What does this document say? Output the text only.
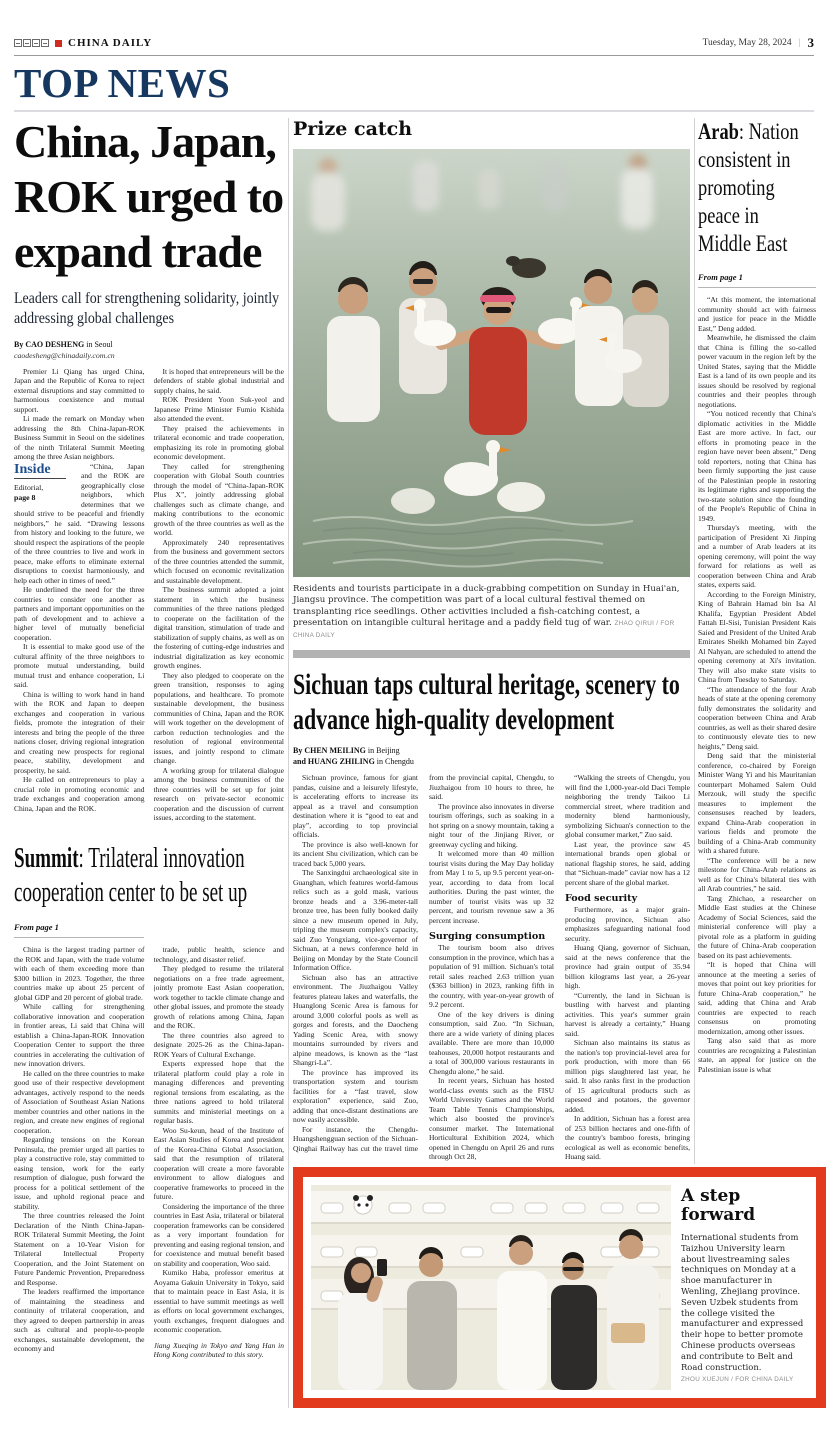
CHINA DAILY	Tuesday, May 28, 2024 | 3
TOP NEWS
China, Japan, ROK urged to expand trade
Leaders call for strengthening solidarity, jointly addressing global challenges
By CAO DESHENG in Seoul
caodesheng@chinadaily.com.cn

Premier Li Qiang has urged China, Japan and the Republic of Korea to reject external disruptions and stay committed to harmonious coexistence and mutual support.

Li made the remark on Monday when addressing the 8th China-Japan-ROK Business Summit in Seoul on the sidelines of the ninth Trilateral Summit Meeting among the three Asian neighbors.

Inside
Editorial,
page 8

“China, Japan and the ROK are geographically close neighbors, which determines that we should strive to be peaceful and friendly neighbors,” he said. “Drawing lessons from history and looking to the future, we should respect the aspirations of the people of the three countries to live and work in peace, make efforts to eliminate external disruptions to coexist harmoniously, and help each other in times of need.”

He underlined the need for the three countries to consider one another as partners and important opportunities on the path of development and to achieve a higher level of mutually beneficial cooperation.

It is essential to make good use of the cultural affinity of the three neighbors to promote mutual understanding, build mutual trust and enhance cooperation, Li said.

China is willing to work hand in hand with the ROK and Japan to deepen exchanges and cooperation in various fields, promote the integration of their interests and bring the people of the three nations closer, driving regional integration and creating new prospects for regional peace, stability, development and prosperity, he said.

He called on entrepreneurs to play a crucial role in promoting economic and trade exchanges and cooperation among China, Japan and the ROK.

It is hoped that entrepreneurs will be the defenders of stable global industrial and supply chains, he said.

ROK President Yoon Suk-yeol and Japanese Prime Minister Fumio Kishida also attended the event.

They praised the achievements in trilateral economic and trade cooperation, emphasizing its role in promoting global economic development.

They called for strengthening cooperation with Global South countries through the model of “China-Japan-ROK Plus X”, jointly addressing global challenges such as climate change, and making contributions to the economic growth of the three countries as well as the world.

Approximately 240 representatives from the business and government sectors of the three countries attended the summit, which focused on economic revitalization and sustainable development.

The business summit adopted a joint statement in which the business communities of the three nations pledged to cooperate on the facilitation of the digital transition, stimulation of trade and stabilization of supply chains, as well as on the fostering of cutting-edge industries and industrial digitalization as key economic growth engines.

They also pledged to cooperate on the green transition, responses to aging populations, and healthcare. To promote sustainable development, the business communities of China, Japan and the ROK will work together on the development of carbon reduction technologies and the resolution of regional environmental issues, and jointly respond to climate change.

A working group for trilateral dialogue among the business communities of the three countries will be set up for joint research on private-sector economic cooperation and the discussion of current issues, according to the statement.

Summit: Trilateral innovation cooperation center to be set up
From page 1

China is the largest trading partner of the ROK and Japan, with the trade volume with each of them exceeding more than $300 billion in 2023. Together, the three countries make up about 25 percent of global GDP and 20 percent of global trade.

While calling for strengthening collaborative innovation and cooperation in frontier areas, Li said that China will establish a China-Japan-ROK Innovation Cooperation Center to support the three countries in accelerating the cultivation of new innovation drivers.

He called on the three countries to make good use of their respective development advantages, actively respond to the needs of Association of Southeast Asian Nations member countries and other nations in the region, and create new engines of regional cooperation.

Regarding tensions on the Korean Peninsula, the premier urged all parties to play a constructive role, stay committed to easing tension, work for the early resumption of dialogue, push forward the process for a political settlement of the issue, and uphold regional peace and stability.

The three countries released the Joint Declaration of the Ninth China-Japan-ROK Trilateral Summit Meeting, the Joint Statement on a 10-Year Vision for Trilateral Intellectual Property Cooperation, and the Joint Statement on Future Pandemic Prevention, Preparedness and Response.

The leaders reaffirmed the importance of maintaining the steadiness and continuity of trilateral cooperation, and they agreed to deepen partnership in areas such as cultural and people-to-people exchanges, sustainable development, the economy and

trade, public health, science and technology, and disaster relief.

They pledged to resume the trilateral negotiations on a free trade agreement, jointly promote East Asian cooperation, work together to tackle climate change and other global issues, and promote the steady growth of relations among China, Japan and the ROK.

The three countries also agreed to designate 2025-26 as the China-Japan-ROK Years of Cultural Exchange.

Experts expressed hope that the trilateral platform could play a role in managing differences and preventing regional tensions from escalating, as the three nations agreed to hold trilateral summits and ministerial meetings on a regular basis.

Woo Su-keun, head of the Institute of East Asian Studies of Korea and president of the Korea-China Global Association, said that the resumption of trilateral cooperation will create a more favorable environment to allow dialogues and cooperative frameworks to proceed in the future.

Considering the importance of the three countries in East Asia, trilateral or bilateral cooperation frameworks can be considered as a very important foundation for preventing and easing regional tension, and for coexistence and mutual benefit based on stability and cooperation, Woo said.

Kumiko Haba, professor emeritus at Aoyama Gakuin University in Tokyo, said that to maintain peace in East Asia, it is essential to have summit meetings as well as efforts on local government exchanges, youth exchanges, frequent dialogues and economic cooperation.

Jiang Xueqing in Tokyo and Yang Han in Hong Kong contributed to this story.

Prize catch
Residents and tourists participate in a duck-grabbing competition on Sunday in Huai'an, Jiangsu province. The competition was part of a local cultural festival themed on transplanting rice seedlings. Other activities included a fish-catching contest, a presentation on intangible cultural heritage and a paddy field tug of war. ZHAO QIRUI / FOR CHINA DAILY
Sichuan taps cultural heritage, scenery to advance high-quality development
By CHEN MEILING in Beijing
and HUANG ZHILING in Chengdu

Sichuan province, famous for giant pandas, cuisine and a leisurely lifestyle, is accelerating efforts to increase its appeal as a travel and consumption destination where it is “good to eat and play”, according to top provincial officials.

The province is also well-known for its ancient Shu civilization, which can be traced back 5,000 years.

The Sanxingdui archaeological site in Guanghan, which features world-famous relics such as a gold mask, various bronze heads and a 3.96-meter-tall bronze tree, has been fully booked daily since a new museum opened in July, tripling the museum complex's capacity, said Zuo Yongxiang, vice-governor of Sichuan, at a news conference held in Beijing on Monday by the State Council Information Office.

Sichuan also has an attractive environment. The Jiuzhaigou Valley features plateau lakes and waterfalls, the Huanglong Scenic Area is famous for around 3,000 colorful pools as well as gorges and forests, and the Daocheng Yading Scenic Area, with snowy mountains surrounded by rivers and alpine meadows, is known as the “last Shangri-La”.

The province has improved its transportation system and tourism facilities for a “fast travel, slow exploration” experience, said Zuo, adding that once-distant destinations are now easily accessible.

For instance, the Chengdu-Huangshengguan section of the Sichuan-Qinghai Railway has cut the travel time from the provincial capital, Chengdu, to Jiuzhaigou from 10 hours to three, he said.

The province also innovates in diverse tourism offerings, such as soaking in a hot spring on a snowy mountain, taking a night tour of the Jinjiang River, or greenway cycling and hiking.

It welcomed more than 40 million tourist visits during the May Day holiday from May 1 to 5, up 9.5 percent year-on-year, according to data from local authorities. During the past winter, the number of tourist visits was up 32 percent, and tourism revenue saw a 36 percent increase.

Surging consumption

The tourism boom also drives consumption in the province, which has a population of 91 million. Sichuan's total retail sales reached 2.63 trillion yuan ($363 billion) in 2023, ranking fifth in the country, with year-on-year growth of 9.2 percent.

One of the key drivers is dining consumption, said Zuo. “In Sichuan, there are a wide variety of dining places available. There are more than 10,000 teahouses, 20,000 hotpot restaurants and a total of 300,000 various restaurants in Chengdu alone,” he said.

In recent years, Sichuan has hosted world-class events such as the FISU World University Games and the World Team Table Tennis Championships, which also boosted the province's consumer market. The International Horticultural Exhibition 2024, which opened in Chengdu on April 26 and runs through Oct 28,

“Walking the streets of Chengdu, you will find the 1,000-year-old Daci Temple neighboring the trendy Taikoo Li commercial street, where tradition and modernity blend harmoniously, symbolizing Sichuan's connection to the global consumer market,” Zuo said.

Last year, the province saw 45 international brands open global or national flagship stores, he said, adding that “Sichuan-made” caviar now has a 12 percent share of the global market.

Food security

Furthermore, as a major grain-producing province, Sichuan also emphasizes safeguarding national food security.

Huang Qiang, governor of Sichuan, said at the news conference that the province had grain output of 35.94 billion kilograms last year, a 26-year high.

“Currently, the land in Sichuan is bustling with harvest and planting activities. This year's summer grain harvest is already a certainty,” Huang said.

Sichuan also maintains its status as the nation's top provincial-level area for pork production, with more than 66 million pigs slaughtered last year, he said. It also ranks first in the production of 15 agricultural products such as rapeseed and potatoes, the governor added.

In addition, Sichuan has a forest area of 253 billion hectares and one-fifth of the country's bamboo forests, bringing ecological as well as economic benefits, Huang said.

Arab: Nation consistent in promoting peace in Middle East
From page 1

“At this moment, the international community should act with fairness and justice for peace in the Middle East,” Deng added.

Meanwhile, he dismissed the claim that China is filling the so-called power vacuum in the region left by the United States, saying that the Middle East is a land of its own people and its issues should be resolved by regional countries and their peoples through negotiations.

“You noticed recently that China's diplomatic activities in the Middle East are more active. In fact, our efforts in promoting peace in the region have never been absent,” Deng told reporters, noting that China has been firmly supporting the just cause of the Palestinian people in restoring its legitimate rights and supporting the two-state solution since the founding of the People's Republic of China in 1949.

Thursday's meeting, with the participation of President Xi Jinping and a number of Arab leaders at its opening ceremony, will point the way forward for relations as well as cooperation between China and Arab states, experts said.

According to the Foreign Ministry, King of Bahrain Hamad bin Isa Al Khalifa, Egyptian President Abdel Fattah El-Sisi, Tunisian President Kais Saied and President of the United Arab Emirates Sheikh Mohamed bin Zayed Al Nahyan, are scheduled to attend the opening ceremony at Xi's invitation. They will also make state visits to China from Tuesday to Saturday.

“The attendance of the four Arab heads of state at the opening ceremony fully demonstrates the solidarity and cooperation between China and Arab countries, as well as their shared desire to continuously elevate ties to new heights,” Deng said.

Deng said that the ministerial conference, co-chaired by Foreign Minister Wang Yi and his Mauritanian counterpart Mohamed Salem Ould Merzouk, will study the specific measures to implement the consensuses reached by leaders, expand China-Arab cooperation in various fields and promote the building of a China-Arab community with a shared future.

“The conference will be a new milestone for China-Arab relations as well as for China's bilateral ties with all Arab countries,” he said.

Tang Zhichao, a researcher on Middle East studies at the Chinese Academy of Social Sciences, said the ministerial conference will play a pivotal role as a platform in guiding the future of China-Arab cooperation based on its past achievements.

“It is hoped that China will announce at the meeting a series of moves that point out key priorities for future China-Arab cooperation,” he said, adding that China and Arab countries are expected to reach consensus on promoting modernization, among other issues.

Tang also said that as more countries are recognizing a Palestinian state, an appeal for justice on the Palestinian issue is what

A step forward
International students from Taizhou University learn about livestreaming sales techniques on Monday at a shoe manufacturer in Wenling, Zhejiang province. Seven Uzbek students from the college visited the manufacturer and expressed their hope to better promote Chinese products overseas and contribute to Belt and Road construction.
ZHOU XUEJUN / FOR CHINA DAILY
